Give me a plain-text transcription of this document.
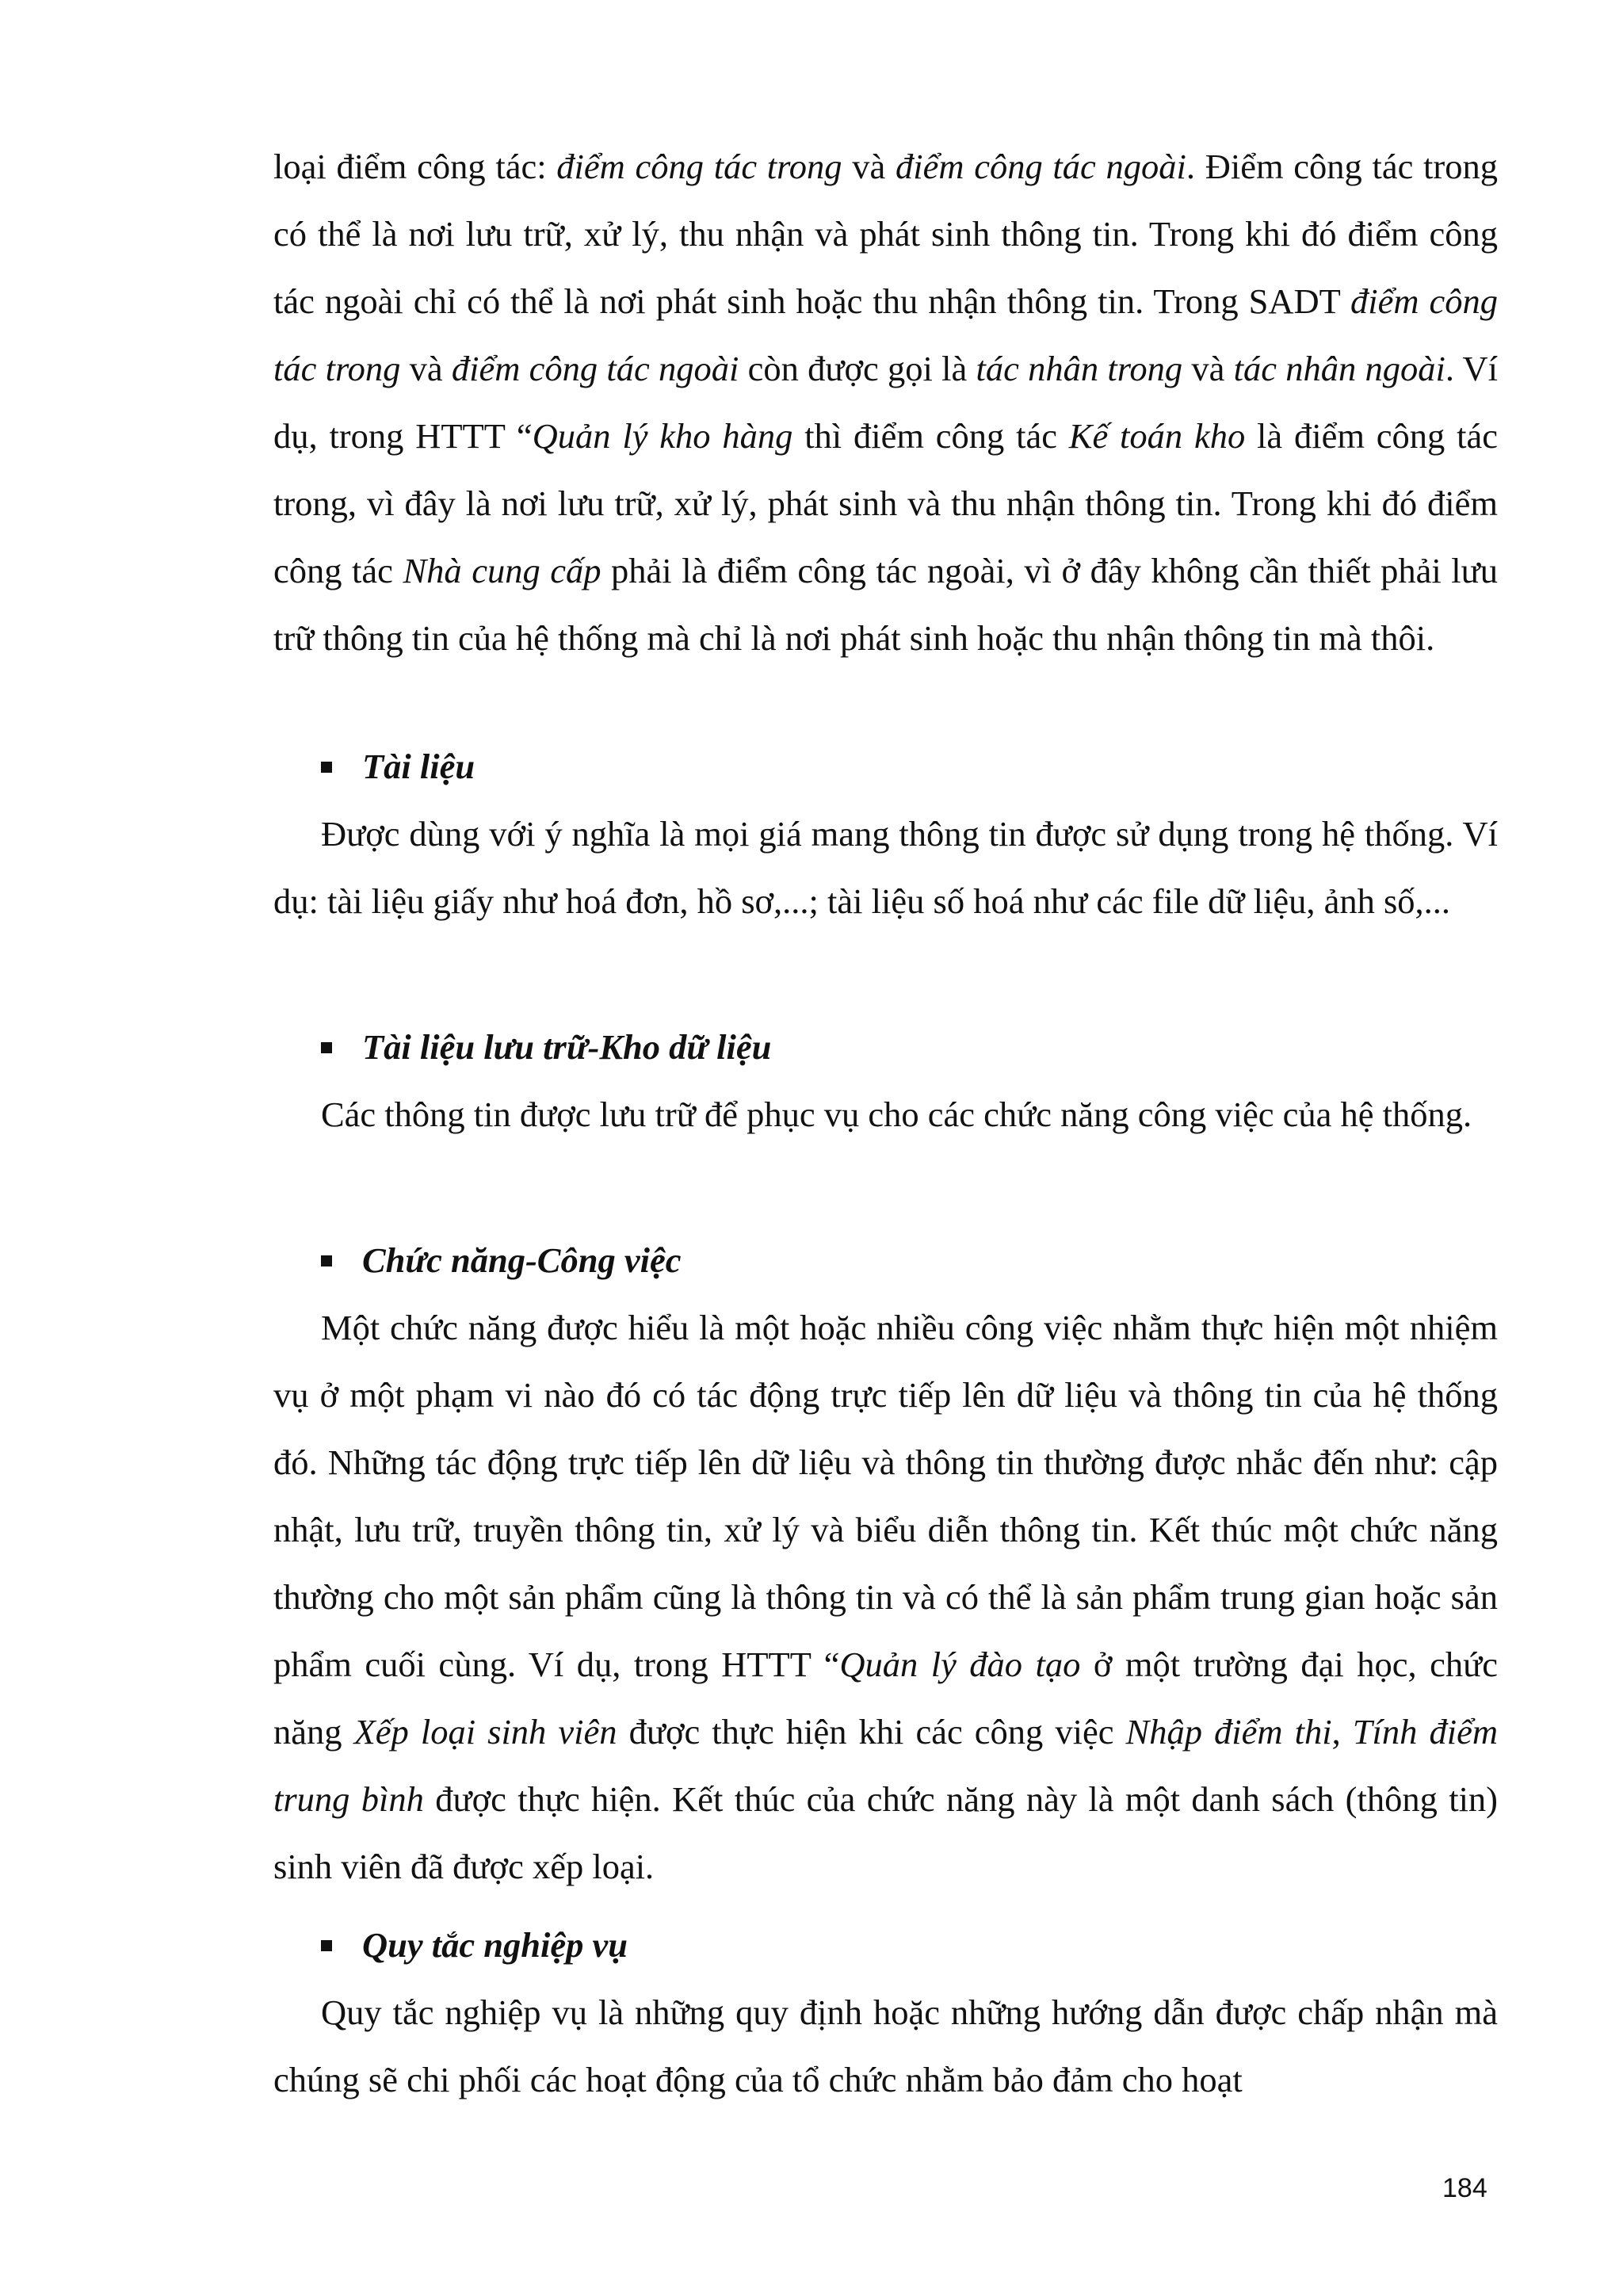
loại điểm công tác: điểm công tác trong và điểm công tác ngoài. Điểm công tác trong có thể là nơi lưu trữ, xử lý, thu nhận và phát sinh thông tin. Trong khi đó điểm công tác ngoài chỉ có thể là nơi phát sinh hoặc thu nhận thông tin. Trong SADT điểm công tác trong và điểm công tác ngoài còn được gọi là tác nhân trong và tác nhân ngoài. Ví dụ, trong HTTT “Quản lý kho hàng thì điểm công tác Kế toán kho là điểm công tác trong, vì đây là nơi lưu trữ, xử lý, phát sinh và thu nhận thông tin. Trong khi đó điểm công tác Nhà cung cấp phải là điểm công tác ngoài, vì ở đây không cần thiết phải lưu trữ thông tin của hệ thống mà chỉ là nơi phát sinh hoặc thu nhận thông tin mà thôi.
Tài liệu
Được dùng với ý nghĩa là mọi giá mang thông tin được sử dụng trong hệ thống. Ví dụ: tài liệu giấy như hoá đơn, hồ sơ,...; tài liệu số hoá như các file dữ liệu, ảnh số,...
Tài liệu lưu trữ-Kho dữ liệu
Các thông tin được lưu trữ để phục vụ cho các chức năng công việc của hệ thống.
Chức năng-Công việc
Một chức năng được hiểu là một hoặc nhiều công việc nhằm thực hiện một nhiệm vụ ở một phạm vi nào đó có tác động trực tiếp lên dữ liệu và thông tin của hệ thống đó. Những tác động trực tiếp lên dữ liệu và thông tin thường được nhắc đến như: cập nhật, lưu trữ, truyền thông tin, xử lý và biểu diễn thông tin. Kết thúc một chức năng thường cho một sản phẩm cũng là thông tin và có thể là sản phẩm trung gian hoặc sản phẩm cuối cùng. Ví dụ, trong HTTT “Quản lý đào tạo ở một trường đại học, chức năng Xếp loại sinh viên được thực hiện khi các công việc Nhập điểm thi, Tính điểm trung bình được thực hiện. Kết thúc của chức năng này là một danh sách (thông tin) sinh viên đã được xếp loại.
Quy tắc nghiệp vụ
Quy tắc nghiệp vụ là những quy định hoặc những hướng dẫn được chấp nhận mà chúng sẽ chi phối các hoạt động của tổ chức nhằm bảo đảm cho hoạt
184
